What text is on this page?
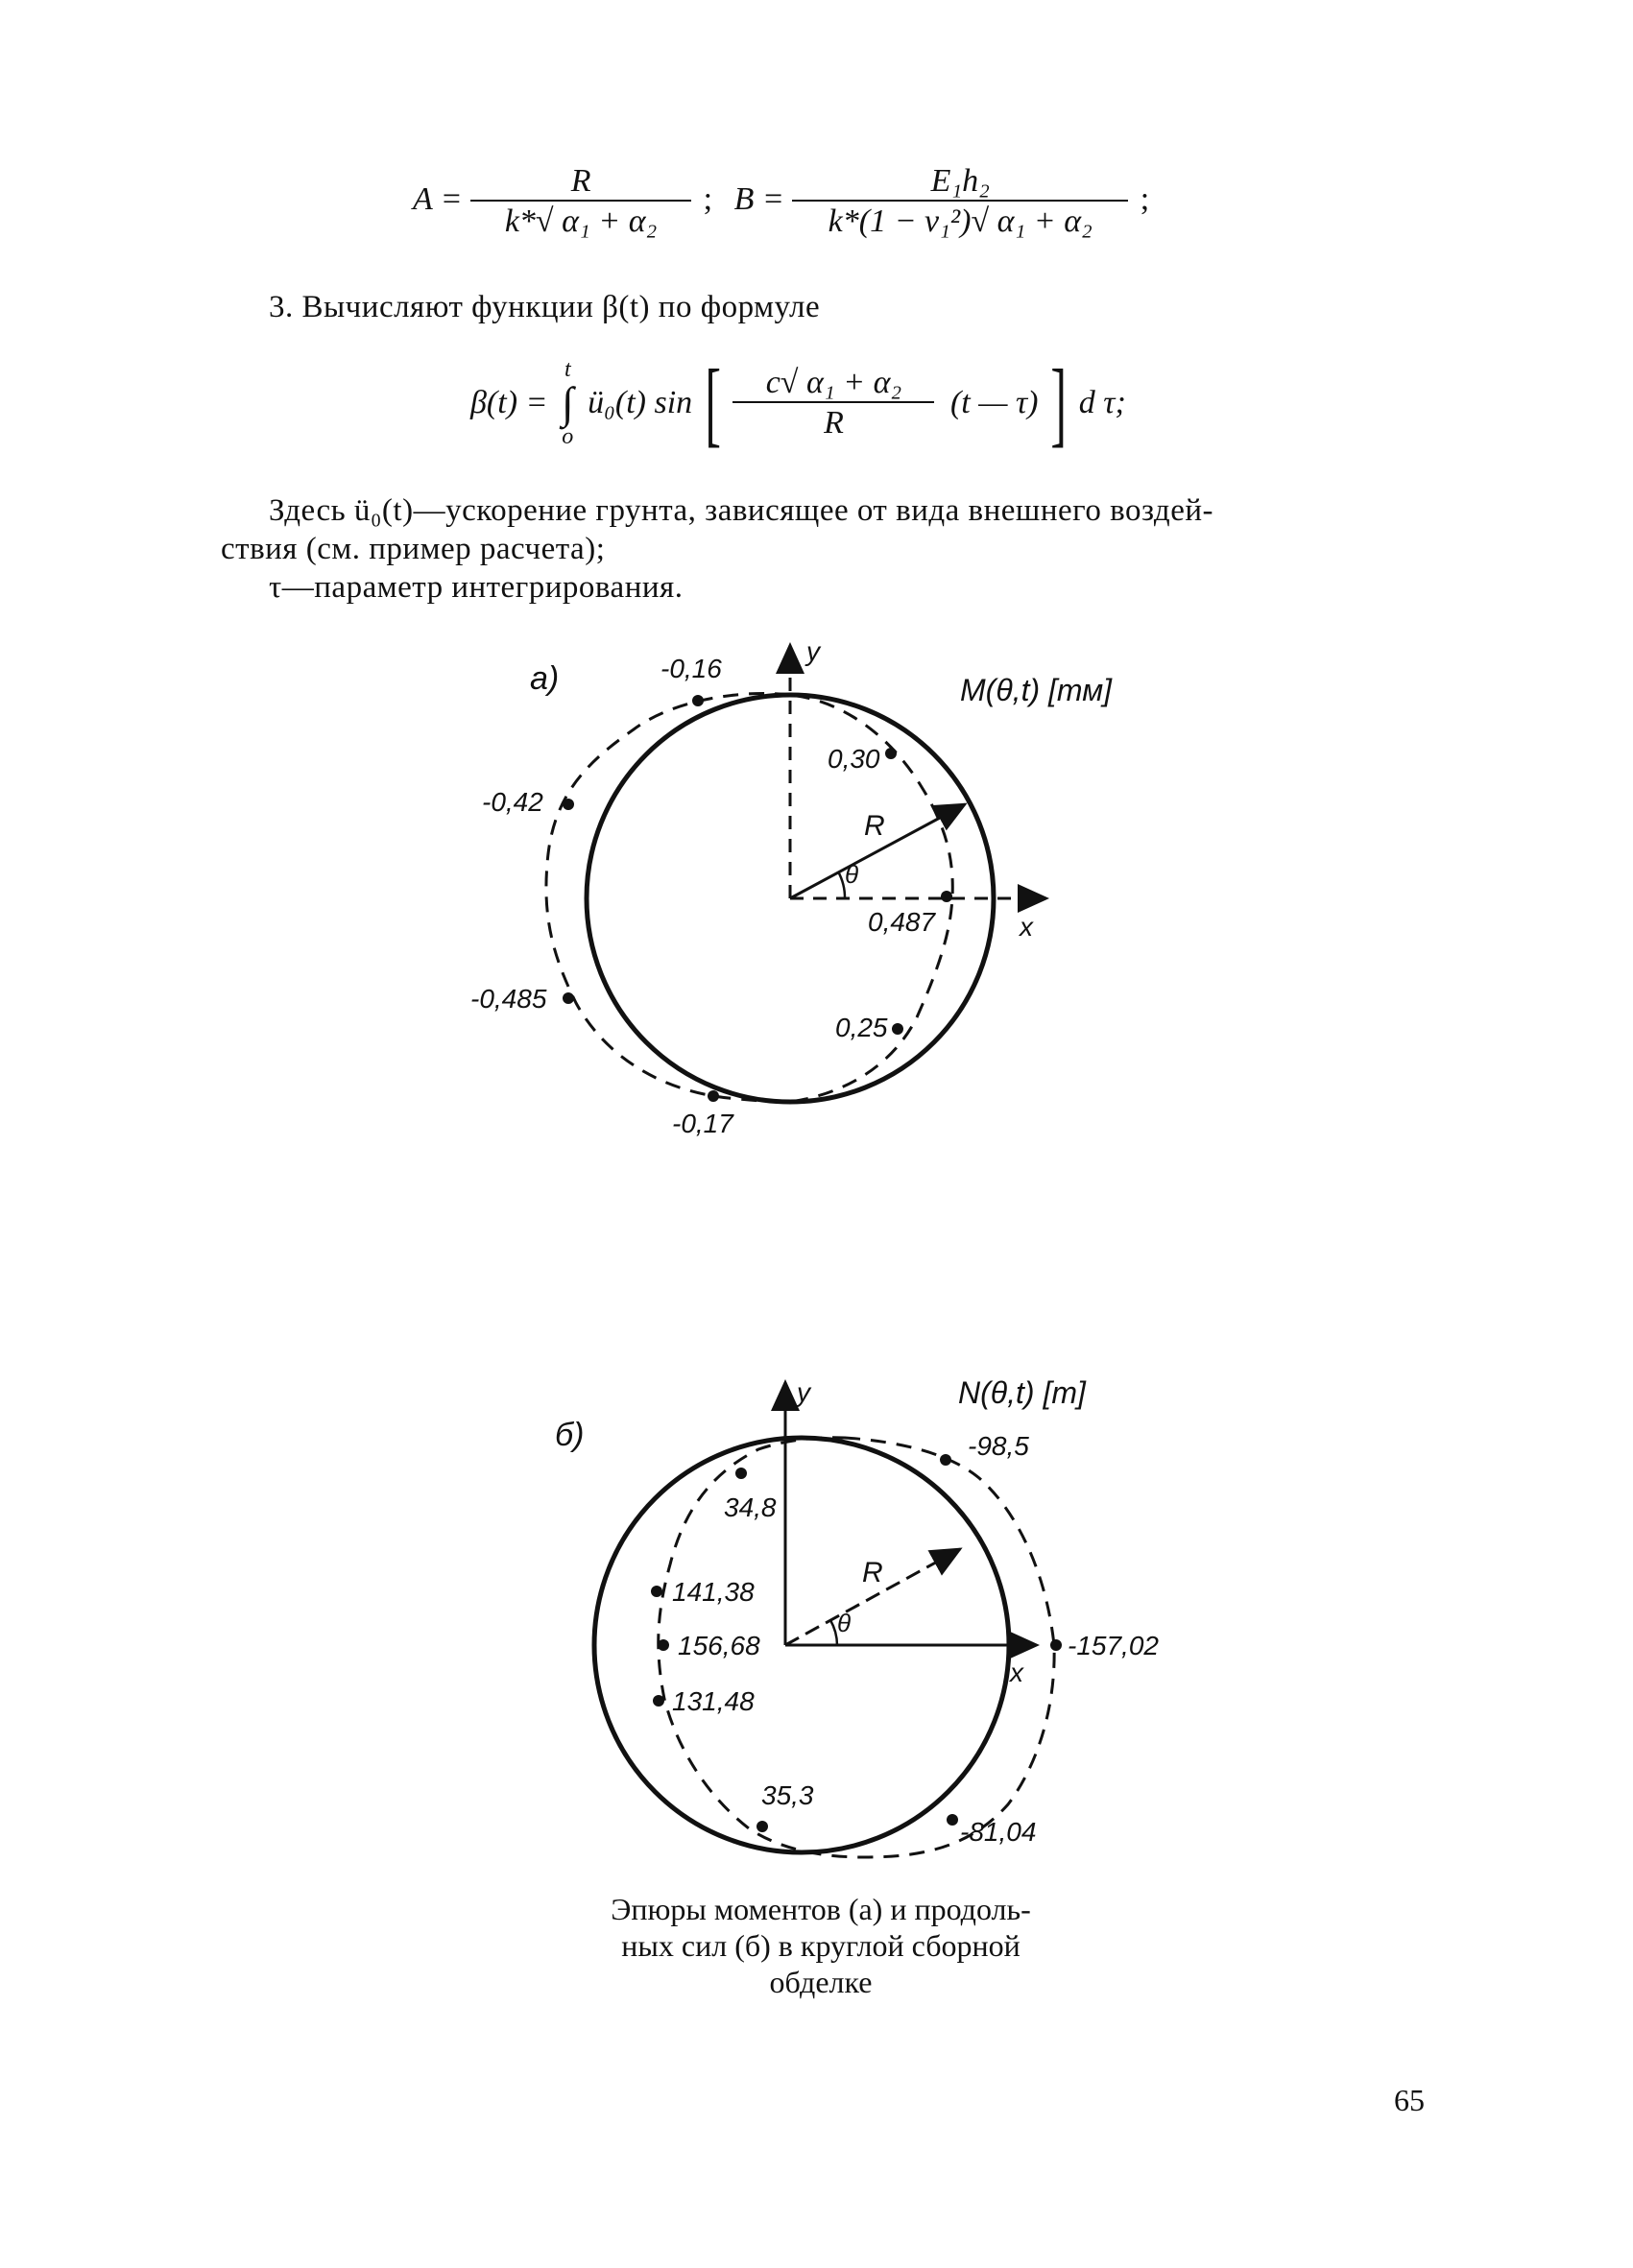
$A = \frac{R}{\text{k*√ α₁ + α₂}}$ ; $B = \frac{\text{E₁h₂}}{\text{k*(1 − ν₁²)√ α₁ + α₂}}$ ;
3. Вычисляют функции β(t) по формуле
β(t) =
t
∫
o
ü₀(t) sin [ $\frac{\text{c√ α₁ + α₂}}{R} (t$ — τ) ] d τ;
Здесь ü₀(t)—ускорение грунта, зависящее от вида внешнего воздей-
ствия (см. пример расчета);
τ—параметр интегрирования.
a)	M(θ,t) [тм]
y
x
R
θ
-0,16
0,30
-0,42
0,487
-0,485
0,25
-0,17
б)
N(θ,t) [т]
y
x
R
θ
-98,5
34,8
141,38
156,68	-157,02
131,48
35,3
-81,04
Эпюры моментов (а) и продоль-
ных сил (б) в круглой сборной
обделке
65
